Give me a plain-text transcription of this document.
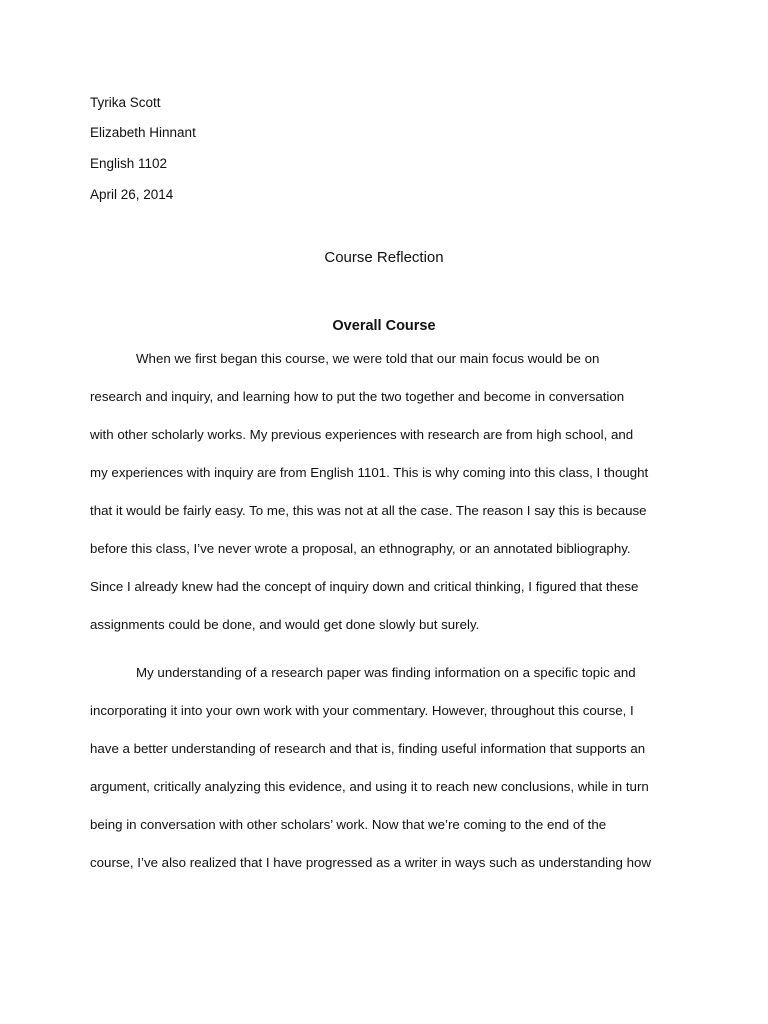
Tyrika Scott
Elizabeth Hinnant
English 1102
April 26, 2014
Course Reflection
Overall Course
When we first began this course, we were told that our main focus would be on
research and inquiry, and learning how to put the two together and become in conversation
with other scholarly works. My previous experiences with research are from high school, and
my experiences with inquiry are from English 1101. This is why coming into this class, I thought
that it would be fairly easy. To me, this was not at all the case. The reason I say this is because
before this class, I’ve never wrote a proposal, an ethnography, or an annotated bibliography.
Since I already knew had the concept of inquiry down and critical thinking, I figured that these
assignments could be done, and would get done slowly but surely.
My understanding of a research paper was finding information on a specific topic and
incorporating it into your own work with your commentary. However, throughout this course, I
have a better understanding of research and that is, finding useful information that supports an
argument, critically analyzing this evidence, and using it to reach new conclusions, while in turn
being in conversation with other scholars’ work. Now that we’re coming to the end of the
course, I’ve also realized that I have progressed as a writer in ways such as understanding how
